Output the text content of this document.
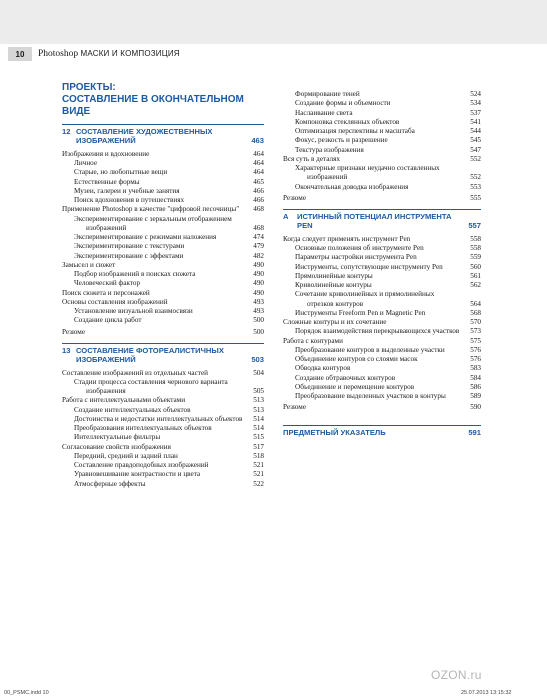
10	Photoshop МАСКИ И КОМПОЗИЦИЯ
ПРОЕКТЫ:
СОСТАВЛЕНИЕ В ОКОНЧАТЕЛЬНОМ ВИДЕ
12 СОСТАВЛЕНИЕ ХУДОЖЕСТВЕННЫХ ИЗОБРАЖЕНИЙ	463
Изображения и вдохновение	464
Личное	464
Старые, но любопытные вещи	464
Естественные формы	465
Музеи, галереи и учебные занятия	466
Поиск вдохновения в путешествиях	466
Применение Photoshop в качестве "цифровой песочницы"	468
Экспериментирование с зеркальным отображением изображений	468
Экспериментирование с режимами наложения	474
Экспериментирование с текстурами	479
Экспериментирование с эффектами	482
Замысел и сюжет	490
Подбор изображений в поисках сюжета	490
Человеческий фактор	490
Поиск сюжета и персонажей	490
Основы составления изображений	493
Установление визуальной взаимосвязи	493
Создание цикла работ	500
Резюме	500
13 СОСТАВЛЕНИЕ ФОТОРЕАЛИСТИЧНЫХ ИЗОБРАЖЕНИЙ	503
Составление изображений из отдельных частей	504
Стадии процесса составления чернового варианта изображения	505
Работа с интеллектуальными объектами	513
Создание интеллектуальных объектов	513
Достоинства и недостатки интеллектуальных объектов	514
Преобразования интеллектуальных объектов	514
Интеллектуальные фильтры	515
Согласование свойств изображения	517
Передний, средний и задний план	518
Составление правдоподобных изображений	521
Уравновешивание контрастности и цвета	521
Атмосферные эффекты	522
Формирование теней	524
Создание формы и объемности	534
Наслаивание света	537
Компоновка стеклянных объектов	541
Оптимизация перспективы и масштаба	544
Фокус, резкость и разрешение	545
Текстура изображения	547
Вся суть в деталях	552
Характерные признаки неудачно составленных изображений	552
Окончательная доводка изображения	553
Резюме	555
A	ИСТИННЫЙ ПОТЕНЦИАЛ ИНСТРУМЕНТА PEN	557
Когда следует применять инструмент Pen	558
Основные положения об инструменте Pen	558
Параметры настройки инструмента Pen	559
Инструменты, сопутствующие инструменту Pen	560
Прямолинейные контуры	561
Криволинейные контуры	562
Сочетание криволинейных и прямолинейных отрезков контуров	564
Инструменты Freeform Pen и Magnetic Pen	568
Сложные контуры и их сочетание	570
Порядок взаимодействия перекрывающихся участков	573
Работа с контурами	575
Преобразование контуров в выделенные участки	576
Объединение контуров со слоями масок	576
Обводка контуров	583
Создание обтравочных контуров	584
Объединение и перемещение контуров	586
Преобразование выделенных участков в контуры	589
Резюме	590
ПРЕДМЕТНЫЙ УКАЗАТЕЛЬ	591
OZON.ru
00_PSMC.indd 10	25.07.2013 13:15:32
